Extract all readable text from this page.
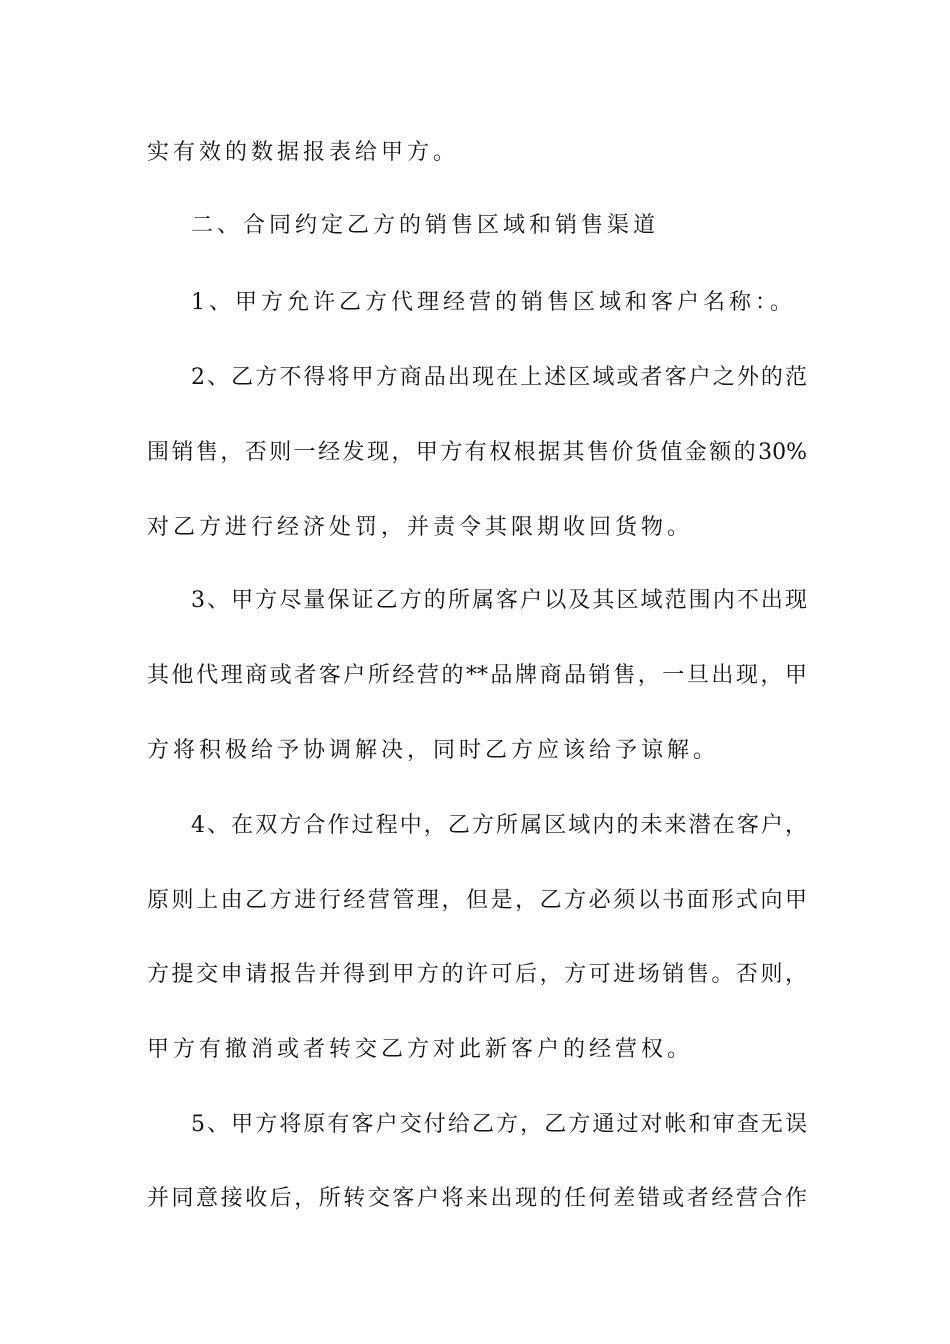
实有效的数据报表给甲方。
二、合同约定乙方的销售区域和销售渠道
1、甲方允许乙方代理经营的销售区域和客户名称：。
2、乙方不得将甲方商品出现在上述区域或者客户之外的范
围销售，否则一经发现，甲方有权根据其售价货值金额的30%
对乙方进行经济处罚，并责令其限期收回货物。
3、甲方尽量保证乙方的所属客户以及其区域范围内不出现
其他代理商或者客户所经营的**品牌商品销售，一旦出现，甲
方将积极给予协调解决，同时乙方应该给予谅解。
4、在双方合作过程中，乙方所属区域内的未来潜在客户，
原则上由乙方进行经营管理，但是，乙方必须以书面形式向甲
方提交申请报告并得到甲方的许可后，方可进场销售。否则，
甲方有撤消或者转交乙方对此新客户的经营权。
5、甲方将原有客户交付给乙方，乙方通过对帐和审查无误
并同意接收后，所转交客户将来出现的任何差错或者经营合作
